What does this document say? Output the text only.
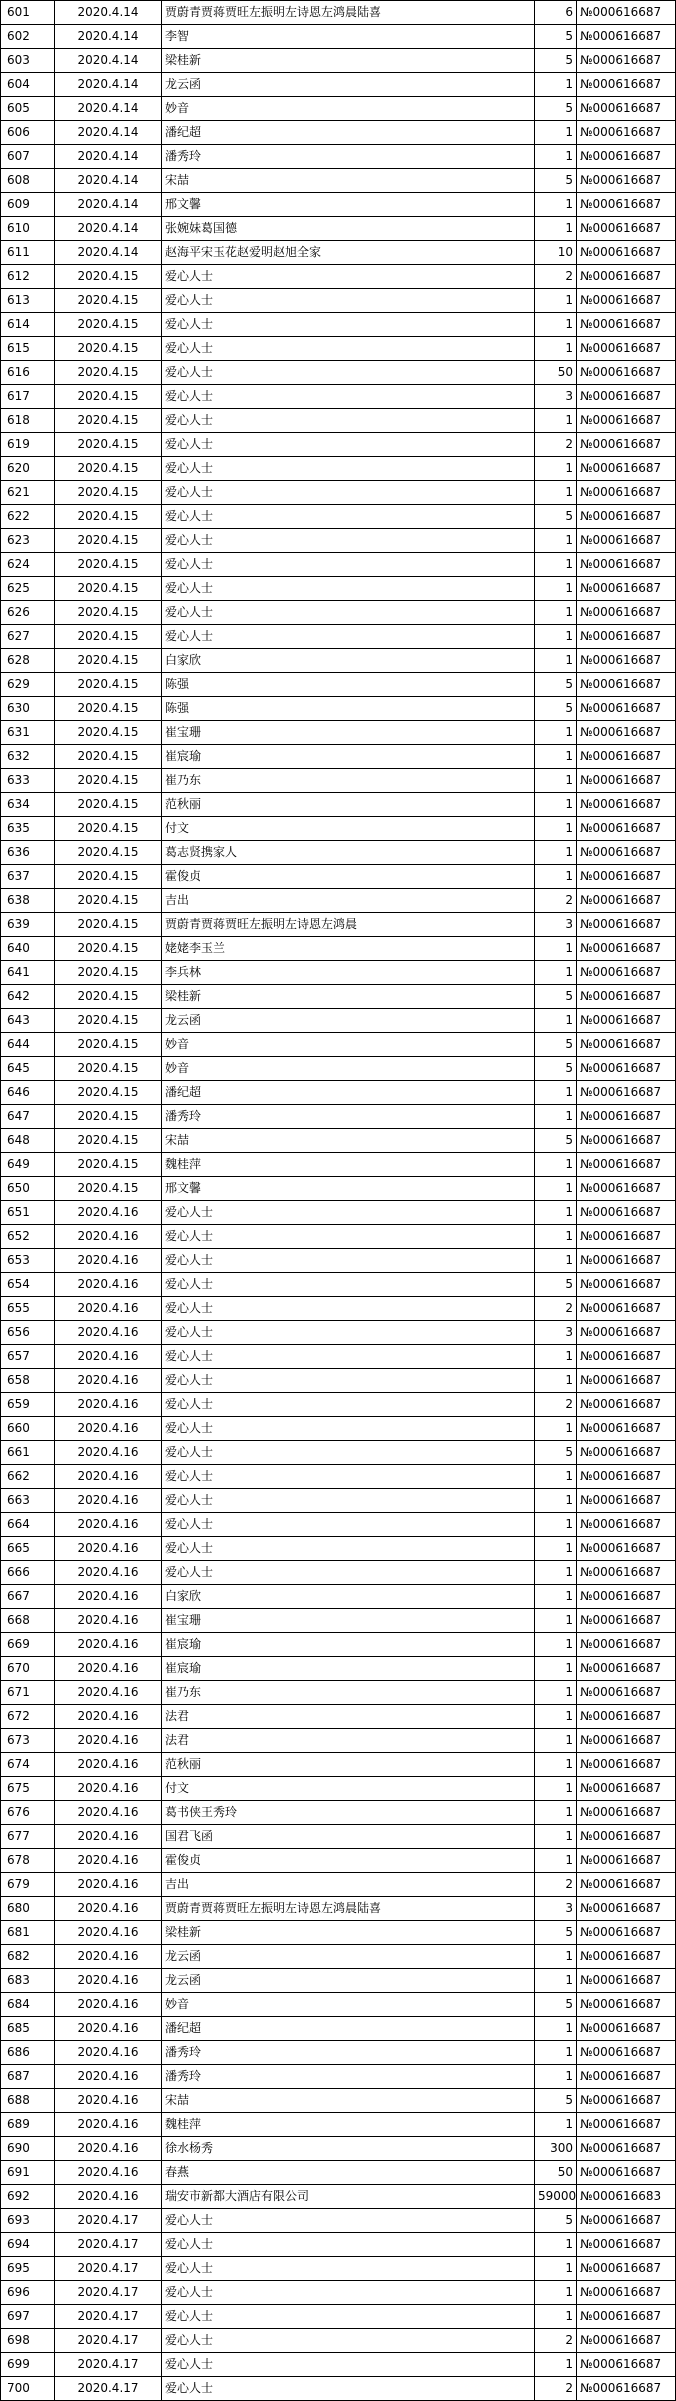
601	2020.4.14	贾蔚青贾蒋贾旺左振明左诗恩左鸿晨陆喜	6	№000616687
602	2020.4.14	李智	5	№000616687
603	2020.4.14	梁桂新	5	№000616687
604	2020.4.14	龙云函	1	№000616687
605	2020.4.14	妙音	5	№000616687
606	2020.4.14	潘纪超	1	№000616687
607	2020.4.14	潘秀玲	1	№000616687
608	2020.4.14	宋喆	5	№000616687
609	2020.4.14	邢文馨	1	№000616687
610	2020.4.14	张婉妹葛国德	1	№000616687
611	2020.4.14	赵海平宋玉花赵爱明赵旭全家	10	№000616687
612	2020.4.15	爱心人士	2	№000616687
613	2020.4.15	爱心人士	1	№000616687
614	2020.4.15	爱心人士	1	№000616687
615	2020.4.15	爱心人士	1	№000616687
616	2020.4.15	爱心人士	50	№000616687
617	2020.4.15	爱心人士	3	№000616687
618	2020.4.15	爱心人士	1	№000616687
619	2020.4.15	爱心人士	2	№000616687
620	2020.4.15	爱心人士	1	№000616687
621	2020.4.15	爱心人士	1	№000616687
622	2020.4.15	爱心人士	5	№000616687
623	2020.4.15	爱心人士	1	№000616687
624	2020.4.15	爱心人士	1	№000616687
625	2020.4.15	爱心人士	1	№000616687
626	2020.4.15	爱心人士	1	№000616687
627	2020.4.15	爱心人士	1	№000616687
628	2020.4.15	白家欣	1	№000616687
629	2020.4.15	陈强	5	№000616687
630	2020.4.15	陈强	5	№000616687
631	2020.4.15	崔宝珊	1	№000616687
632	2020.4.15	崔宸瑜	1	№000616687
633	2020.4.15	崔乃东	1	№000616687
634	2020.4.15	范秋丽	1	№000616687
635	2020.4.15	付文	1	№000616687
636	2020.4.15	葛志贤携家人	1	№000616687
637	2020.4.15	霍俊贞	1	№000616687
638	2020.4.15	吉出	2	№000616687
639	2020.4.15	贾蔚青贾蒋贾旺左振明左诗恩左鸿晨	3	№000616687
640	2020.4.15	姥姥李玉兰	1	№000616687
641	2020.4.15	李兵林	1	№000616687
642	2020.4.15	梁桂新	5	№000616687
643	2020.4.15	龙云函	1	№000616687
644	2020.4.15	妙音	5	№000616687
645	2020.4.15	妙音	5	№000616687
646	2020.4.15	潘纪超	1	№000616687
647	2020.4.15	潘秀玲	1	№000616687
648	2020.4.15	宋喆	5	№000616687
649	2020.4.15	魏桂萍	1	№000616687
650	2020.4.15	邢文馨	1	№000616687
651	2020.4.16	爱心人士	1	№000616687
652	2020.4.16	爱心人士	1	№000616687
653	2020.4.16	爱心人士	1	№000616687
654	2020.4.16	爱心人士	5	№000616687
655	2020.4.16	爱心人士	2	№000616687
656	2020.4.16	爱心人士	3	№000616687
657	2020.4.16	爱心人士	1	№000616687
658	2020.4.16	爱心人士	1	№000616687
659	2020.4.16	爱心人士	2	№000616687
660	2020.4.16	爱心人士	1	№000616687
661	2020.4.16	爱心人士	5	№000616687
662	2020.4.16	爱心人士	1	№000616687
663	2020.4.16	爱心人士	1	№000616687
664	2020.4.16	爱心人士	1	№000616687
665	2020.4.16	爱心人士	1	№000616687
666	2020.4.16	爱心人士	1	№000616687
667	2020.4.16	白家欣	1	№000616687
668	2020.4.16	崔宝珊	1	№000616687
669	2020.4.16	崔宸瑜	1	№000616687
670	2020.4.16	崔宸瑜	1	№000616687
671	2020.4.16	崔乃东	1	№000616687
672	2020.4.16	法君	1	№000616687
673	2020.4.16	法君	1	№000616687
674	2020.4.16	范秋丽	1	№000616687
675	2020.4.16	付文	1	№000616687
676	2020.4.16	葛书侠王秀玲	1	№000616687
677	2020.4.16	国君飞函	1	№000616687
678	2020.4.16	霍俊贞	1	№000616687
679	2020.4.16	吉出	2	№000616687
680	2020.4.16	贾蔚青贾蒋贾旺左振明左诗恩左鸿晨陆喜	3	№000616687
681	2020.4.16	梁桂新	5	№000616687
682	2020.4.16	龙云函	1	№000616687
683	2020.4.16	龙云函	1	№000616687
684	2020.4.16	妙音	5	№000616687
685	2020.4.16	潘纪超	1	№000616687
686	2020.4.16	潘秀玲	1	№000616687
687	2020.4.16	潘秀玲	1	№000616687
688	2020.4.16	宋喆	5	№000616687
689	2020.4.16	魏桂萍	1	№000616687
690	2020.4.16	徐水杨秀	300	№000616687
691	2020.4.16	春燕	50	№000616687
692	2020.4.16	瑞安市新都大酒店有限公司	59000	№000616683
693	2020.4.17	爱心人士	5	№000616687
694	2020.4.17	爱心人士	1	№000616687
695	2020.4.17	爱心人士	1	№000616687
696	2020.4.17	爱心人士	1	№000616687
697	2020.4.17	爱心人士	1	№000616687
698	2020.4.17	爱心人士	2	№000616687
699	2020.4.17	爱心人士	1	№000616687
700	2020.4.17	爱心人士	2	№000616687
